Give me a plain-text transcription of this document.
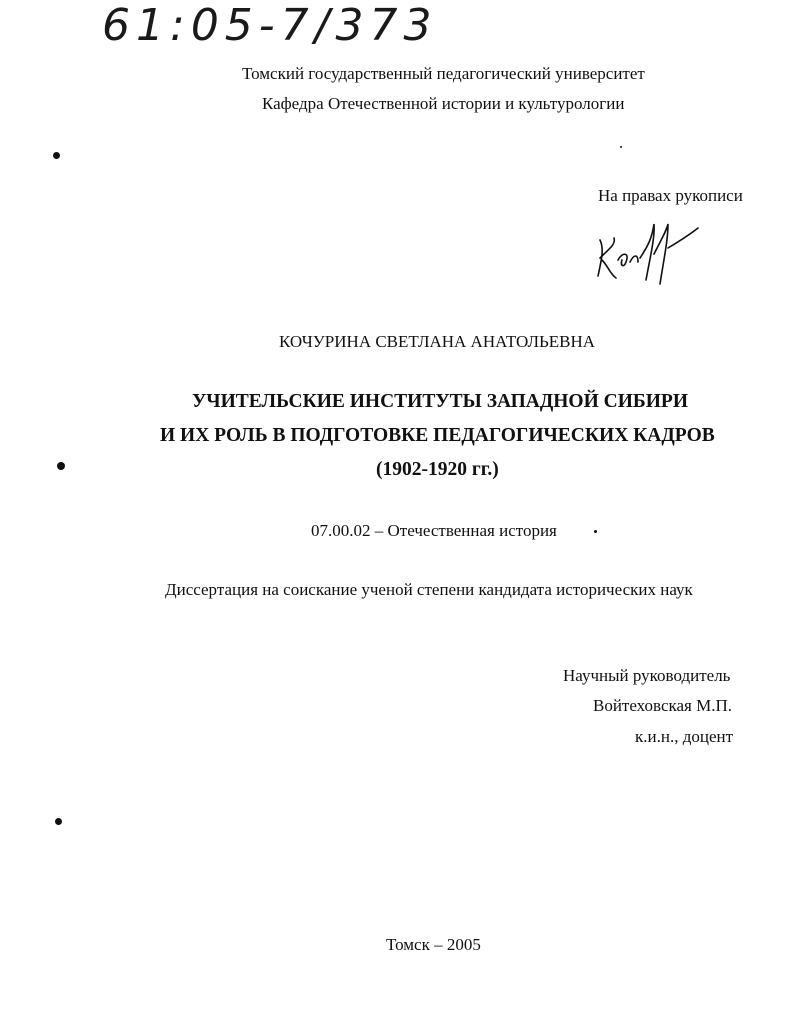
61:05-7/373
Томский государственный педагогический университет
Кафедра Отечественной истории и культурологии
На правах рукописи
КОЧУРИНА СВЕТЛАНА АНАТОЛЬЕВНА
УЧИТЕЛЬСКИЕ ИНСТИТУТЫ ЗАПАДНОЙ СИБИРИ
И ИХ РОЛЬ В ПОДГОТОВКЕ ПЕДАГОГИЧЕСКИХ КАДРОВ
(1902-1920 гг.)
07.00.02 – Отечественная история
Диссертация на соискание ученой степени кандидата исторических наук
Научный руководитель
Войтеховская М.П.
к.и.н., доцент
Томск – 2005
